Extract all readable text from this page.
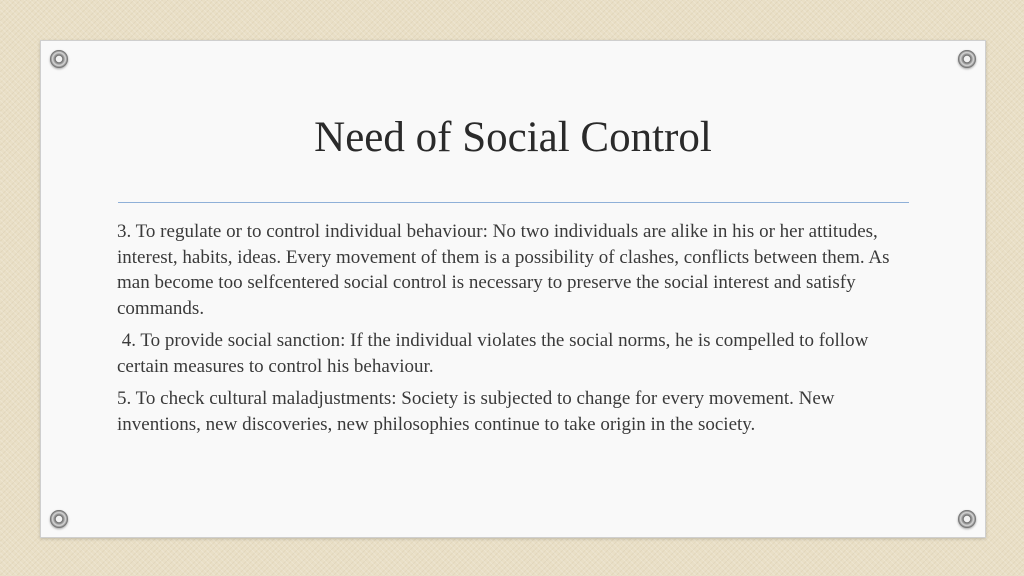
Need of Social Control

3. To regulate or to control individual behaviour: No two individuals are alike in his or her attitudes, interest, habits, ideas. Every movement of them is a possibility of clashes, conflicts between them. As man become too selfcentered social control is necessary to preserve the social interest and satisfy commands.

4. To provide social sanction: If the individual violates the social norms, he is compelled to follow certain measures to control his behaviour.

5. To check cultural maladjustments: Society is subjected to change for every movement. New inventions, new discoveries, new philosophies continue to take origin in the society.
